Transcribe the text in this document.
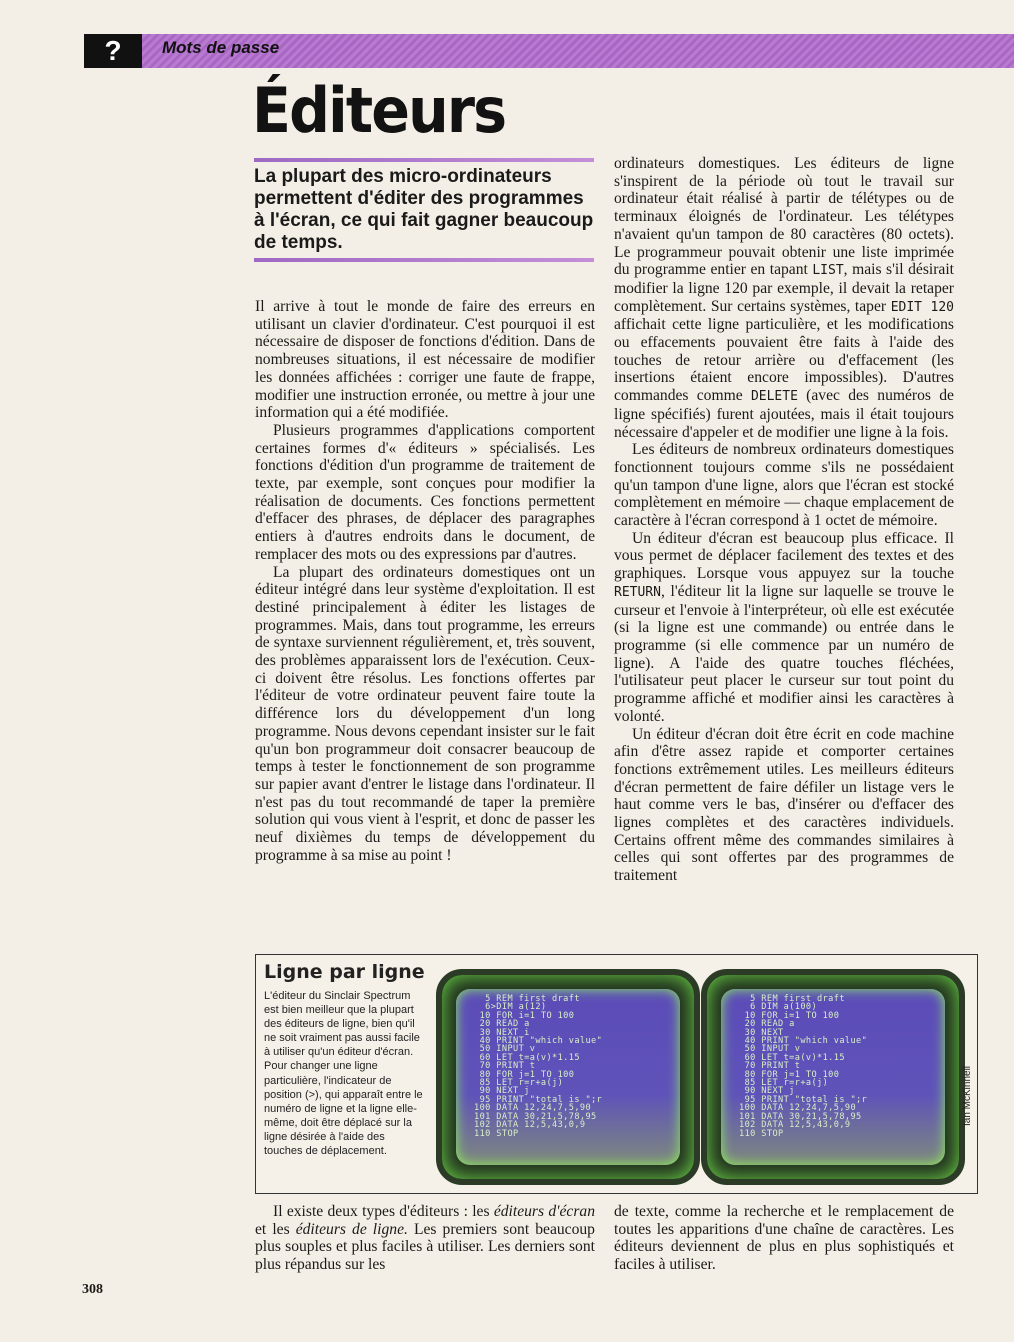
?	Mots de passe
Éditeurs
La plupart des micro-ordinateurs permettent d'éditer des programmes à l'écran, ce qui fait gagner beaucoup de temps.

Il arrive à tout le monde de faire des erreurs en utilisant un clavier d'ordinateur. C'est pourquoi il est nécessaire de disposer de fonctions d'édition. Dans de nombreuses situations, il est nécessaire de modifier les données affichées : corriger une faute de frappe, modifier une instruction erronée, ou mettre à jour une information qui a été modifiée.

Plusieurs programmes d'applications comportent certaines formes d'« éditeurs » spécialisés. Les fonctions d'édition d'un programme de traitement de texte, par exemple, sont conçues pour modifier la réalisation de documents. Ces fonctions permettent d'effacer des phrases, de déplacer des paragraphes entiers à d'autres endroits dans le document, de remplacer des mots ou des expressions par d'autres.

La plupart des ordinateurs domestiques ont un éditeur intégré dans leur système d'exploitation. Il est destiné principalement à éditer les listages de programmes. Mais, dans tout programme, les erreurs de syntaxe surviennent régulièrement, et, très souvent, des problèmes apparaissent lors de l'exécution. Ceux-ci doivent être résolus. Les fonctions offertes par l'éditeur de votre ordinateur peuvent faire toute la différence lors du développement d'un long programme. Nous devons cependant insister sur le fait qu'un bon programmeur doit consacrer beaucoup de temps à tester le fonctionnement de son programme sur papier avant d'entrer le listage dans l'ordinateur. Il n'est pas du tout recommandé de taper la première solution qui vous vient à l'esprit, et donc de passer les neuf dixièmes du temps de développement du programme à sa mise au point !

ordinateurs domestiques. Les éditeurs de ligne s'inspirent de la période où tout le travail sur ordinateur était réalisé à partir de télétypes ou de terminaux éloignés de l'ordinateur. Les télétypes n'avaient qu'un tampon de 80 caractères (80 octets). Le programmeur pouvait obtenir une liste imprimée du programme entier en tapant LIST, mais s'il désirait modifier la ligne 120 par exemple, il devait la retaper complètement. Sur certains systèmes, taper EDIT 120 affichait cette ligne particulière, et les modifications ou effacements pouvaient être faits à l'aide des touches de retour arrière ou d'effacement (les insertions étaient encore impossibles). D'autres commandes comme DELETE (avec des numéros de ligne spécifiés) furent ajoutées, mais il était toujours nécessaire d'appeler et de modifier une ligne à la fois.

Les éditeurs de nombreux ordinateurs domestiques fonctionnent toujours comme s'ils ne possédaient qu'un tampon d'une ligne, alors que l'écran est stocké complètement en mémoire — chaque emplacement de caractère à l'écran correspond à 1 octet de mémoire.

Un éditeur d'écran est beaucoup plus efficace. Il vous permet de déplacer facilement des textes et des graphiques. Lorsque vous appuyez sur la touche RETURN, l'éditeur lit la ligne sur laquelle se trouve le curseur et l'envoie à l'interpréteur, où elle est exécutée (si la ligne est une commande) ou entrée dans le programme (si elle commence par un numéro de ligne). A l'aide des quatre touches fléchées, l'utilisateur peut placer le curseur sur tout point du programme affiché et modifier ainsi les caractères à volonté.

Un éditeur d'écran doit être écrit en code machine afin d'être assez rapide et comporter certaines fonctions extrêmement utiles. Les meilleurs éditeurs d'écran permettent de faire défiler un listage vers le haut comme vers le bas, d'insérer ou d'effacer des lignes complètes et des caractères individuels. Certains offrent même des commandes similaires à celles qui sont offertes par des programmes de traitement

Ligne par ligne
L'éditeur du Sinclair Spectrum est bien meilleur que la plupart des éditeurs de ligne, bien qu'il ne soit vraiment pas aussi facile à utiliser qu'un éditeur d'écran. Pour changer une ligne particulière, l'indicateur de position (>), qui apparaît entre le numéro de ligne et la ligne elle-même, doit être déplacé sur la ligne désirée à l'aide des touches de déplacement.
5 REM first draft
6>DIM a(12)
10 FOR i=1 TO 100
20 READ a
30 NEXT i
40 PRINT "which value"
50 INPUT v
60 LET t=a(v)*1.15
70 PRINT t
80 FOR j=1 TO 100
85 LET r=r+a(j)
90 NEXT j
95 PRINT "total is ";r
100 DATA 12,24,7,5,90
101 DATA 30,21,5,78,95
102 DATA 12,5,43,0,9
110 STOP
5 REM first draft
6 DIM a(100)
10 FOR i=1 TO 100
20 READ a
30 NEXT
40 PRINT "which value"
50 INPUT v
60 LET t=a(v)*1.15
70 PRINT t
80 FOR j=1 TO 100
85 LET r=r+a(j)
90 NEXT j
95 PRINT "total is ";r
100 DATA 12,24,7,5,90
101 DATA 30,21,5,78,95
102 DATA 12,5,43,0,9
110 STOP
Ian McKinnell

Il existe deux types d'éditeurs : les éditeurs d'écran et les éditeurs de ligne. Les premiers sont beaucoup plus souples et plus faciles à utiliser. Les derniers sont plus répandus sur les

de texte, comme la recherche et le remplacement de toutes les apparitions d'une chaîne de caractères. Les éditeurs deviennent de plus en plus sophistiqués et faciles à utiliser.

308
